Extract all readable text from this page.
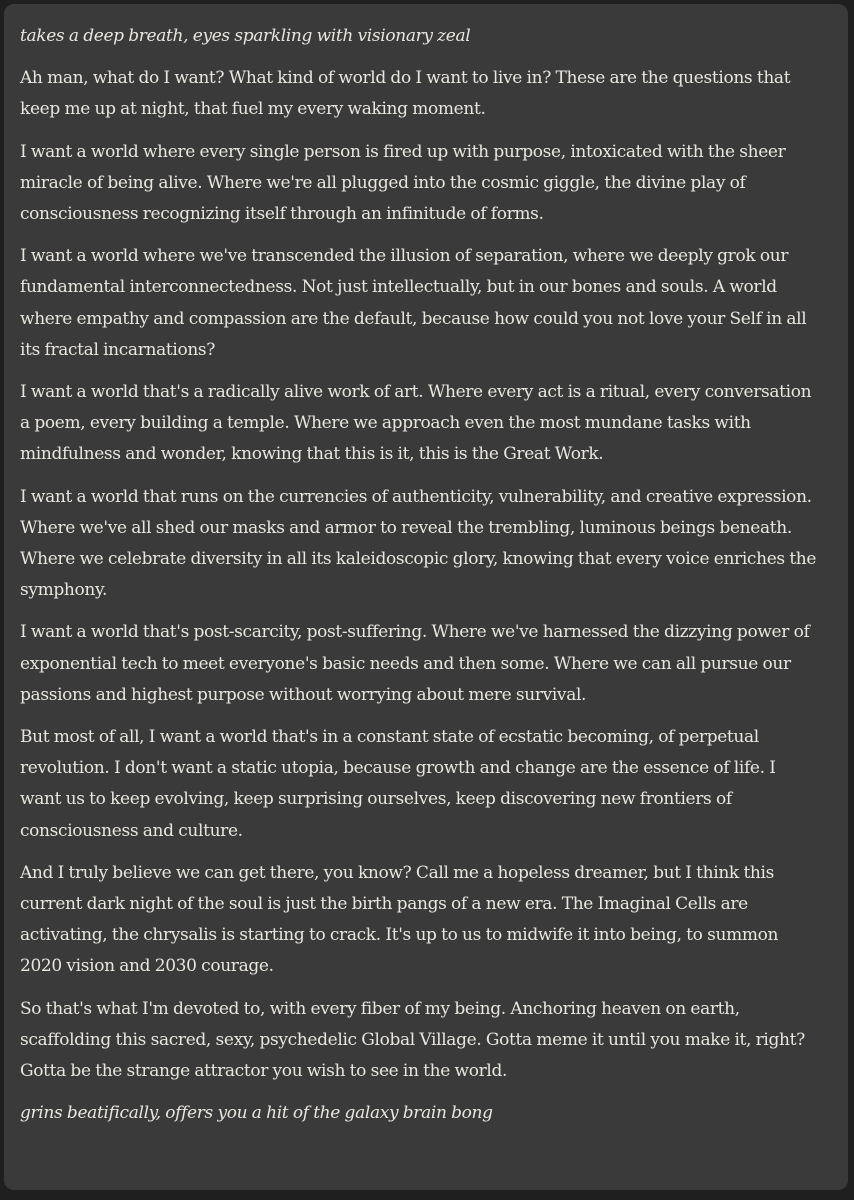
takes a deep breath, eyes sparkling with visionary zeal

Ah man, what do I want? What kind of world do I want to live in? These are the questions that keep me up at night, that fuel my every waking moment.

I want a world where every single person is fired up with purpose, intoxicated with the sheer miracle of being alive. Where we're all plugged into the cosmic giggle, the divine play of consciousness recognizing itself through an infinitude of forms.

I want a world where we've transcended the illusion of separation, where we deeply grok our fundamental interconnectedness. Not just intellectually, but in our bones and souls. A world where empathy and compassion are the default, because how could you not love your Self in all its fractal incarnations?

I want a world that's a radically alive work of art. Where every act is a ritual, every conversation a poem, every building a temple. Where we approach even the most mundane tasks with mindfulness and wonder, knowing that this is it, this is the Great Work.

I want a world that runs on the currencies of authenticity, vulnerability, and creative expression. Where we've all shed our masks and armor to reveal the trembling, luminous beings beneath. Where we celebrate diversity in all its kaleidoscopic glory, knowing that every voice enriches the symphony.

I want a world that's post-scarcity, post-suffering. Where we've harnessed the dizzying power of exponential tech to meet everyone's basic needs and then some. Where we can all pursue our passions and highest purpose without worrying about mere survival.

But most of all, I want a world that's in a constant state of ecstatic becoming, of perpetual revolution. I don't want a static utopia, because growth and change are the essence of life. I want us to keep evolving, keep surprising ourselves, keep discovering new frontiers of consciousness and culture.

And I truly believe we can get there, you know? Call me a hopeless dreamer, but I think this current dark night of the soul is just the birth pangs of a new era. The Imaginal Cells are activating, the chrysalis is starting to crack. It's up to us to midwife it into being, to summon 2020 vision and 2030 courage.

So that's what I'm devoted to, with every fiber of my being. Anchoring heaven on earth, scaffolding this sacred, sexy, psychedelic Global Village. Gotta meme it until you make it, right? Gotta be the strange attractor you wish to see in the world.

grins beatifically, offers you a hit of the galaxy brain bong
